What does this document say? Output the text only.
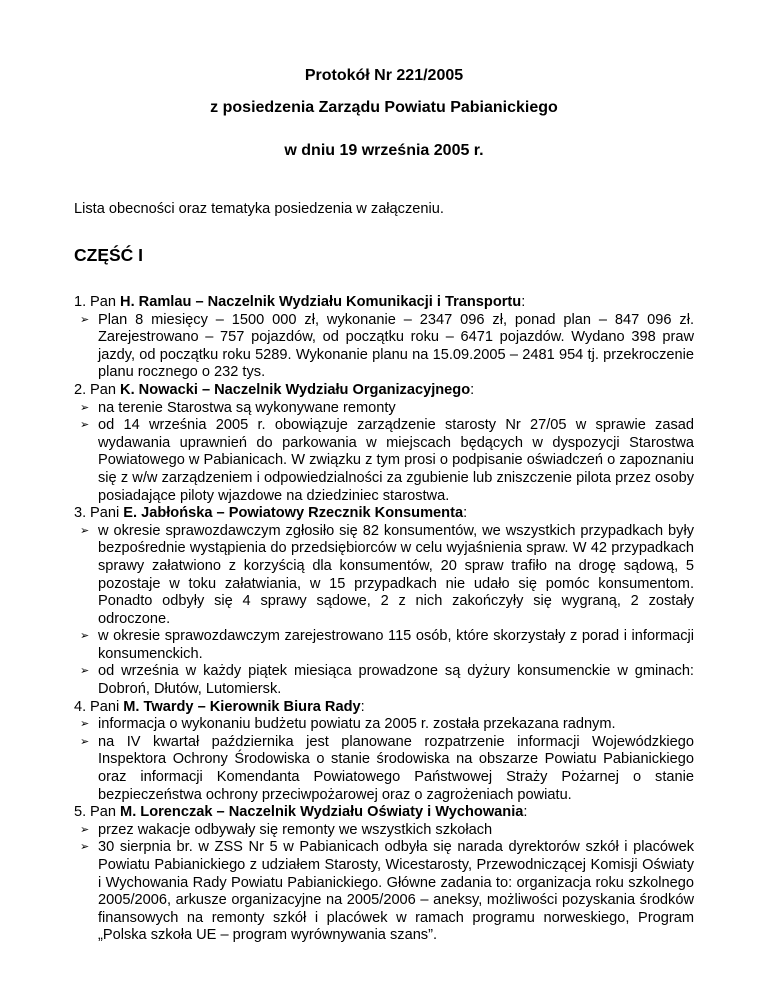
Protokół Nr 221/2005
z posiedzenia Zarządu Powiatu Pabianickiego
w dniu 19 września 2005 r.
Lista obecności oraz tematyka posiedzenia w załączeniu.
CZĘŚĆ I
1. Pan H. Ramlau – Naczelnik Wydziału Komunikacji i Transportu:
➢ Plan 8 miesięcy – 1500 000 zł, wykonanie – 2347 096 zł, ponad plan – 847 096 zł. Zarejestrowano – 757 pojazdów, od początku roku – 6471 pojazdów. Wydano 398 praw jazdy, od początku roku 5289. Wykonanie planu na 15.09.2005 – 2481 954 tj. przekroczenie planu rocznego o 232 tys.
2. Pan K. Nowacki – Naczelnik Wydziału Organizacyjnego:
➢ na terenie Starostwa są wykonywane remonty
➢ od 14 września 2005 r. obowiązuje zarządzenie starosty Nr 27/05 w sprawie zasad wydawania uprawnień do parkowania w miejscach będących w dyspozycji Starostwa Powiatowego w Pabianicach. W związku z tym prosi o podpisanie oświadczeń o zapoznaniu się z w/w zarządzeniem i odpowiedzialności za zgubienie lub zniszczenie pilota przez osoby posiadające piloty wjazdowe na dziedziniec starostwa.
3. Pani E. Jabłońska – Powiatowy Rzecznik Konsumenta:
➢ w okresie sprawozdawczym zgłosiło się 82 konsumentów, we wszystkich przypadkach były bezpośrednie wystąpienia do przedsiębiorców w celu wyjaśnienia spraw. W 42 przypadkach sprawy załatwiono z korzyścią dla konsumentów, 20 spraw trafiło na drogę sądową, 5 pozostaje w toku załatwiania, w 15 przypadkach nie udało się pomóc konsumentom. Ponadto odbyły się 4 sprawy sądowe, 2 z nich zakończyły się wygraną, 2 zostały odroczone.
➢ w okresie sprawozdawczym zarejestrowano 115 osób, które skorzystały z porad i informacji konsumenckich.
➢ od września w każdy piątek miesiąca prowadzone są dyżury konsumenckie w gminach: Dobroń, Dłutów, Lutomiersk.
4. Pani M. Twardy – Kierownik Biura Rady:
➢ informacja o wykonaniu budżetu powiatu za 2005 r. została przekazana radnym.
➢ na IV kwartał października jest planowane rozpatrzenie informacji Wojewódzkiego Inspektora Ochrony Środowiska o stanie środowiska na obszarze Powiatu Pabianickiego oraz informacji Komendanta Powiatowego Państwowej Straży Pożarnej o stanie bezpieczeństwa ochrony przeciwpożarowej oraz o zagrożeniach powiatu.
5. Pan M. Lorenczak – Naczelnik Wydziału Oświaty i Wychowania:
➢ przez wakacje odbywały się remonty we wszystkich szkołach
➢ 30 sierpnia br. w ZSS Nr 5 w Pabianicach odbyła się narada dyrektorów szkół i placówek Powiatu Pabianickiego z udziałem Starosty, Wicestarosty, Przewodniczącej Komisji Oświaty i Wychowania Rady Powiatu Pabianickiego. Główne zadania to: organizacja roku szkolnego 2005/2006, arkusze organizacyjne na 2005/2006 – aneksy, możliwości pozyskania środków finansowych na remonty szkół i placówek w ramach programu norweskiego, Program „Polska szkoła UE – program wyrównywania szans”.
